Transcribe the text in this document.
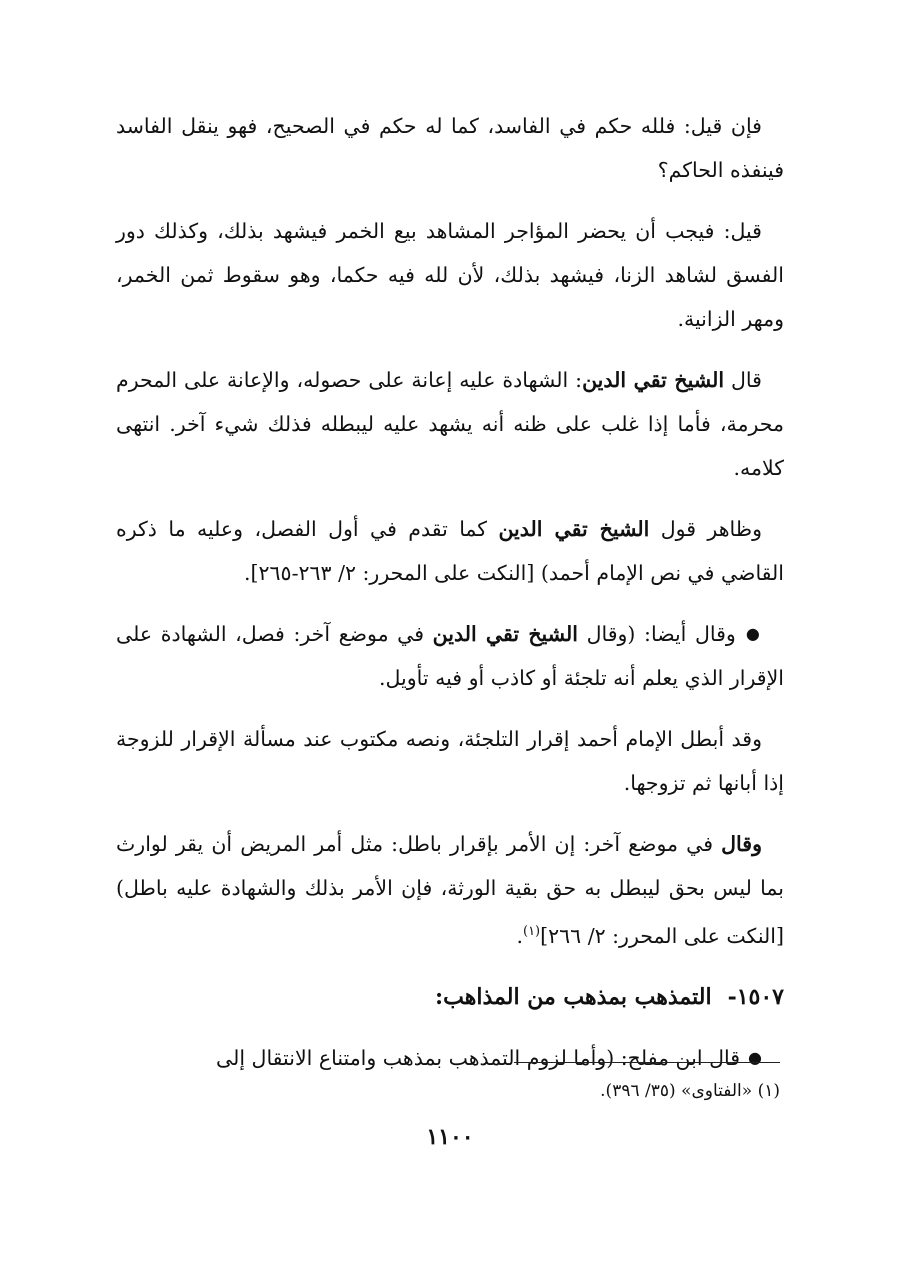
فإن قيل: فلله حكم في الفاسد، كما له حكم في الصحيح، فهو ينقل الفاسد فينفذه الحاكم؟

قيل: فيجب أن يحضر المؤاجر المشاهد بيع الخمر فيشهد بذلك، وكذلك دور الفسق لشاهد الزنا، فيشهد بذلك، لأن لله فيه حكما، وهو سقوط ثمن الخمر، ومهر الزانية.

قال الشيخ تقي الدين: الشهادة عليه إعانة على حصوله، والإعانة على المحرم محرمة، فأما إذا غلب على ظنه أنه يشهد عليه ليبطله فذلك شيء آخر. انتهى كلامه.

وظاهر قول الشيخ تقي الدين كما تقدم في أول الفصل، وعليه ما ذكره القاضي في نص الإمام أحمد) [النكت على المحرر: ٢/ ٢٦٣-٢٦٥].

●وقال أيضا: (وقال الشيخ تقي الدين في موضع آخر: فصل، الشهادة على الإقرار الذي يعلم أنه تلجئة أو كاذب أو فيه تأويل.

وقد أبطل الإمام أحمد إقرار التلجئة، ونصه مكتوب عند مسألة الإقرار للزوجة إذا أبانها ثم تزوجها.

وقال في موضع آخر: إن الأمر بإقرار باطل: مثل أمر المريض أن يقر لوارث بما ليس بحق ليبطل به حق بقية الورثة، فإن الأمر بذلك والشهادة عليه باطل) [النكت على المحرر: ٢/ ٢٦٦]$^{(١)}$.

١٥٠٧-التمذهب بمذهب من المذاهب:

●قال ابن مفلح: (وأما لزوم التمذهب بمذهب وامتناع الانتقال إلى

(١) «الفتاوى» (٣٥/ ٣٩٦).
١١٠٠
